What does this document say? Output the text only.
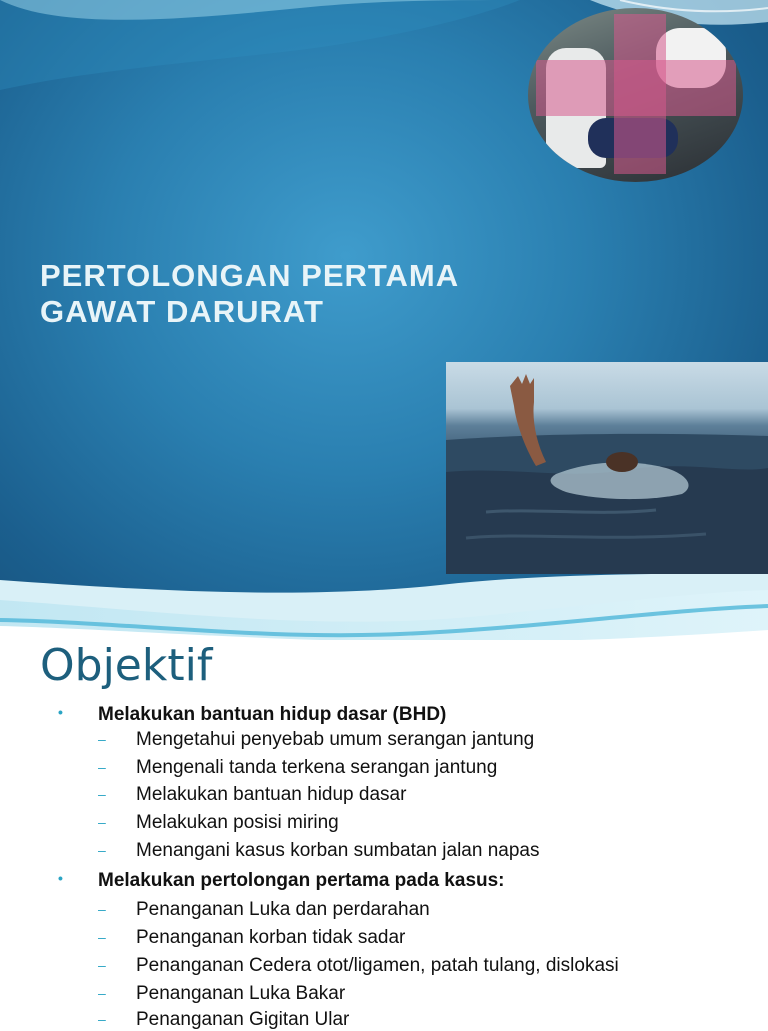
PERTOLONGAN PERTAMA
GAWAT DARURAT
Objektif
• Melakukan bantuan hidup dasar (BHD)
– Mengetahui penyebab umum serangan jantung
– Mengenali tanda terkena serangan jantung
– Melakukan bantuan hidup dasar
– Melakukan posisi miring
– Menangani kasus korban sumbatan jalan napas
• Melakukan pertolongan pertama pada kasus:
– Penanganan Luka dan perdarahan
– Penanganan korban tidak sadar
– Penanganan Cedera otot/ligamen, patah tulang, dislokasi
– Penanganan Luka Bakar
– Penanganan Gigitan Ular
